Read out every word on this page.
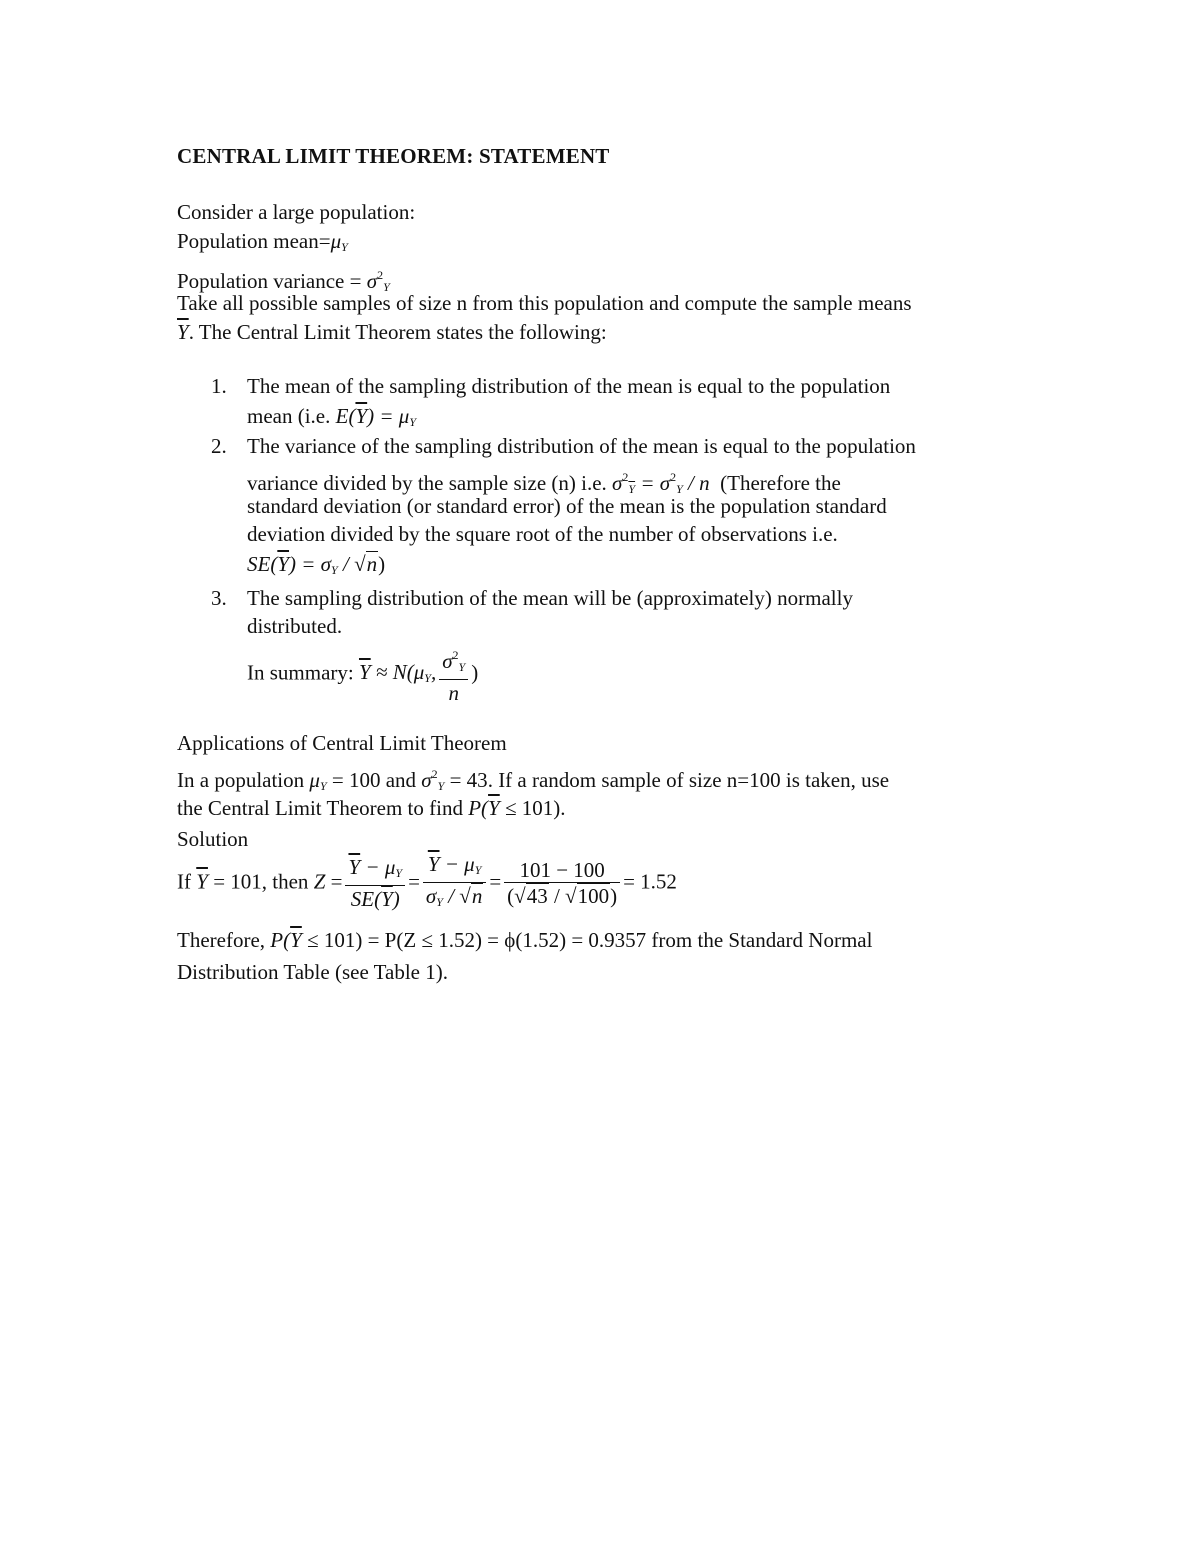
CENTRAL LIMIT THEOREM: STATEMENT
Consider a large population:
Population $mean=\mu_Y$
Population variance = $\sigma^2_Y$
Take all possible samples of size n from this population and compute the sample means
$\overline{Y}$. The Central Limit Theorem states the following:
1. The mean of the sampling distribution of the mean is equal to the population
mean (i.e. $E(\overline{Y}) = \mu_Y$
2. The variance of the sampling distribution of the mean is equal to the population
variance divided by the sample size (n) i.e. $\sigma^2_{\overline{Y}} = \sigma^2_Y / n$ (Therefore the
standard deviation (or standard error) of the mean is the population standard
deviation divided by the square root of the number of observations i.e.
$SE(\overline{Y}) = \sigma_Y / √n$)
3. The sampling distribution of the mean will be (approximately) normally
distributed.
In summary: $\overline{Y} \approx N(\mu_Y$, $\frac{\sigma^2_Y}{n}$ )
Applications of Central Limit Theorem
In a population $\mu_Y = 100$ and $\sigma^2_Y = 43$. If a random sample of size n=100 is taken, use
the Central Limit Theorem to find $P(\overline{Y} \le 101)$.
Solution
If $\overline{Y} = 101$, then $Z = \frac{\overline{Y} - \mu_Y}{SE(\overline{Y})} = \frac{\overline{Y} - \mu_Y}{\sigma_Y / √n} = \frac{101 - 100}{(√43 / √100)} = 1.52$
Therefore, $P(\overline{Y} \le 101) = P(Z \le 1.52) = \phi(1.52) = 0.9357$ from the Standard Normal
Distribution Table (see Table 1).
